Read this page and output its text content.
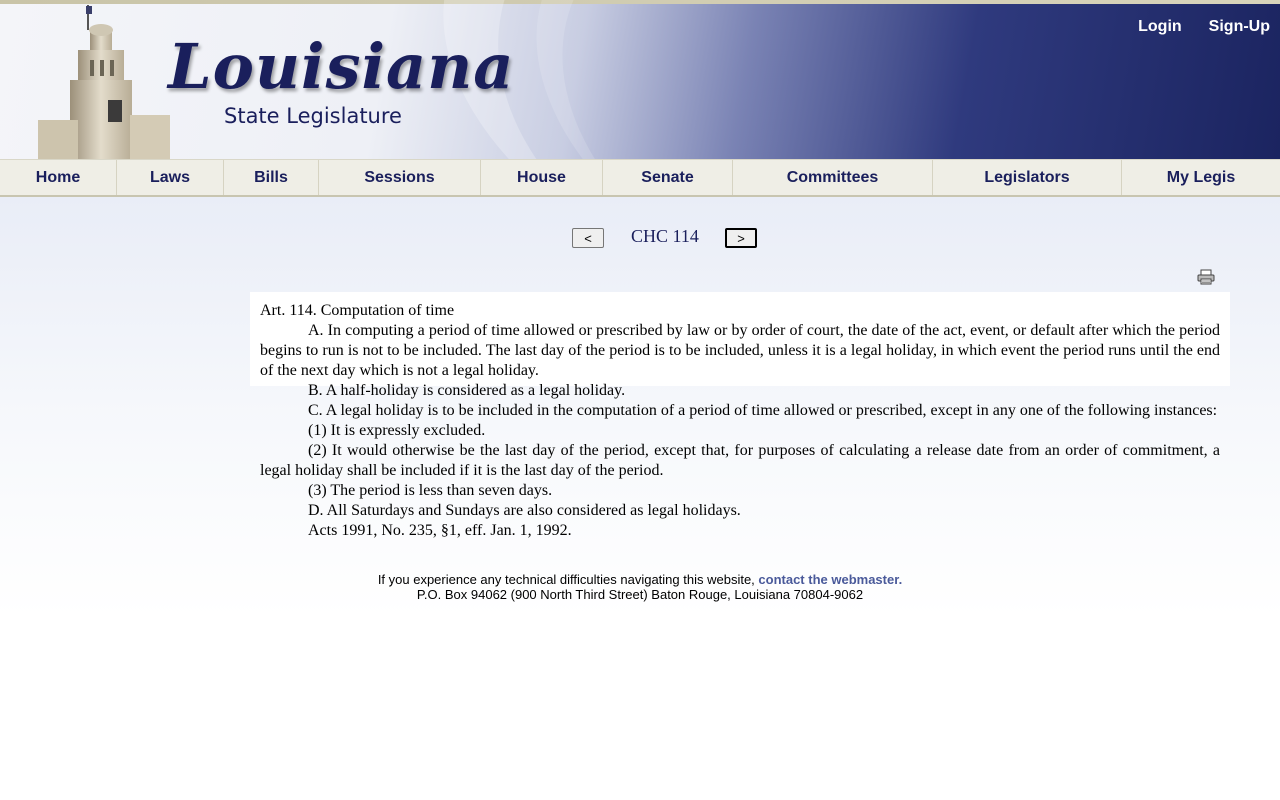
Louisiana
State Legislature
Login Sign-Up
Home	Laws	Bills	Sessions	House	Senate	Committees	Legislators	My Legis
<	CHC 114	>

Art. 114. Computation of time

A. In computing a period of time allowed or prescribed by law or by order of court, the date of the act, event, or default after which the period begins to run is not to be included. The last day of the period is to be included, unless it is a legal holiday, in which event the period runs until the end of the next day which is not a legal holiday.

B. A half-holiday is considered as a legal holiday.

C. A legal holiday is to be included in the computation of a period of time allowed or prescribed, except in any one of the following instances:

(1) It is expressly excluded.

(2) It would otherwise be the last day of the period, except that, for purposes of calculating a release date from an order of commitment, a legal holiday shall be included if it is the last day of the period.

(3) The period is less than seven days.

D. All Saturdays and Sundays are also considered as legal holidays.

Acts 1991, No. 235, §1, eff. Jan. 1, 1992.

If you experience any technical difficulties navigating this website, contact the webmaster.
P.O. Box 94062 (900 North Third Street) Baton Rouge, Louisiana 70804-9062
